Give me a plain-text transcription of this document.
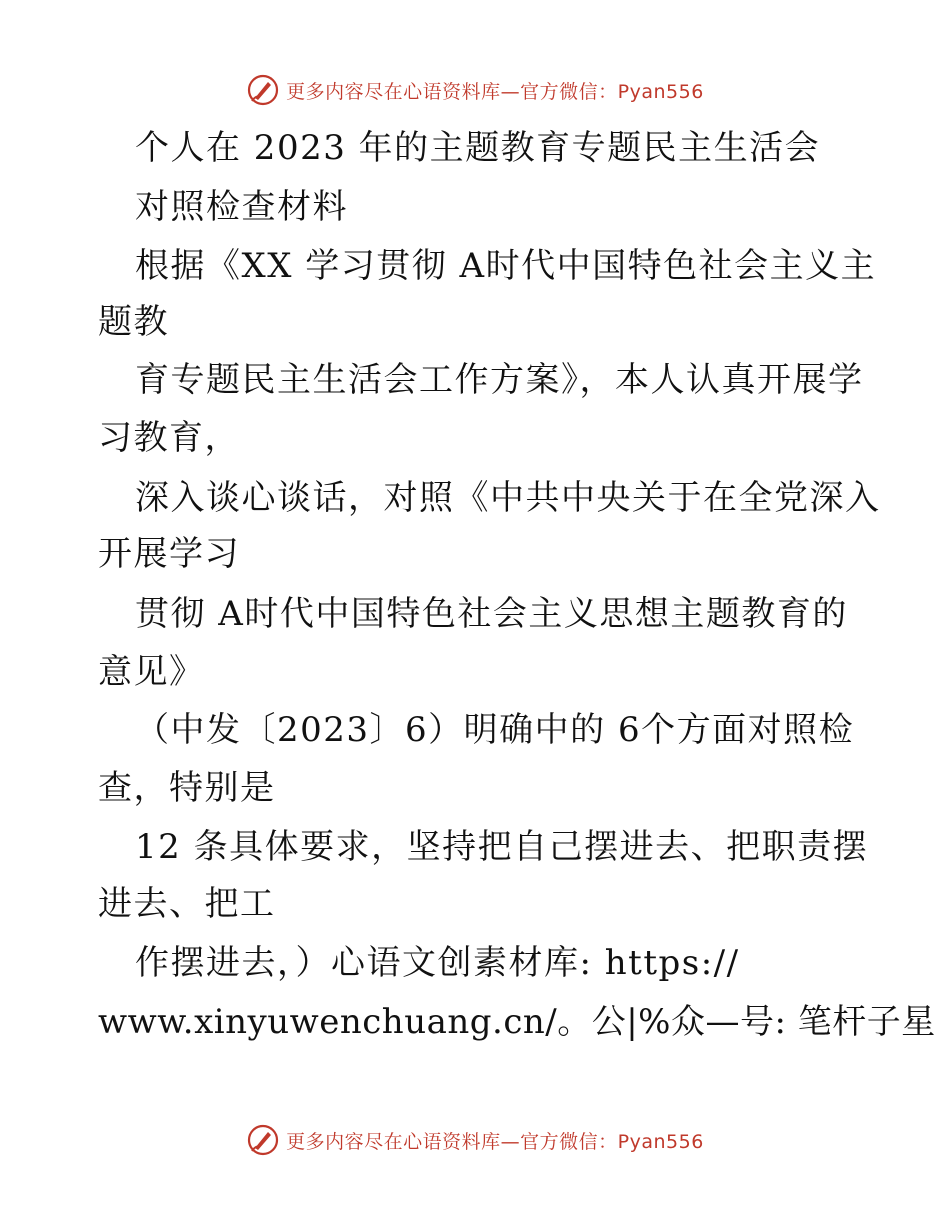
更多内容尽在心语资料库—官方微信：Pyan556
个人在 2023 年的主题教育专题民主生活会
对照检查材料
根据《XX 学习贯彻 A时代中国特色社会主义主
题教
育专题民主生活会工作方案》，本人认真开展学
习教育，
深入谈心谈话，对照《中共中央关于在全党深入
开展学习
贯彻 A时代中国特色社会主义思想主题教育的
意见》
（中发〔2023〕6）明确中的 6个方面对照检
查，特别是
12 条具体要求，坚持把自己摆进去、把职责摆
进去、把工
作摆进去，）心语文创素材库: https://
www.xinyuwenchuang.cn/。公|%众—号: 笔杆子星
更多内容尽在心语资料库—官方微信：Pyan556
